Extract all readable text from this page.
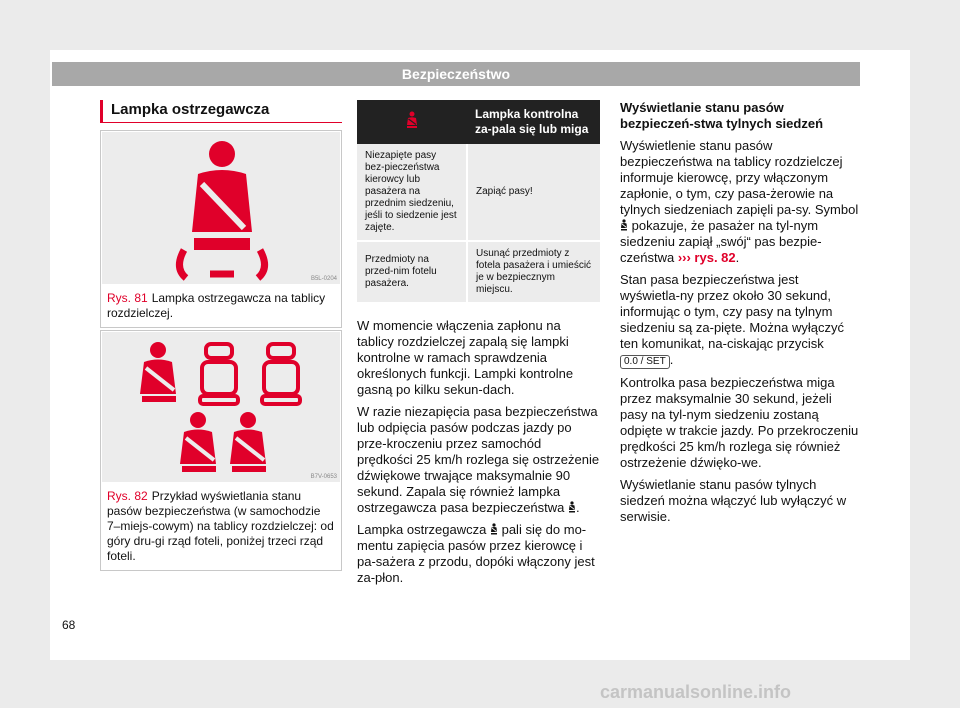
Bezpieczeństwo
Lampka ostrzegawcza
B5L-0204
Rys. 81 Lampka ostrzegawcza na tablicy rozdzielczej.
B7V-0653
Rys. 82 Przykład wyświetlania stanu pasów bezpieczeństwa (w samochodzie 7–miejs-cowym) na tablicy rozdzielczej: od góry dru-gi rząd foteli, poniżej trzeci rząd foteli.
	Lampka kontrolna za-pala się lub miga
Niezapięte pasy bez-pieczeństwa kierowcy lub pasażera na przednim siedzeniu, jeśli to siedzenie jest zajęte.	Zapiąć pasy!
Przedmioty na przed-nim fotelu pasażera.	Usunąć przedmioty z fotela pasażera i umieścić je w bezpiecznym miejscu.

W momencie włączenia zapłonu na tablicy rozdzielczej zapalą się lampki kontrolne w ramach sprawdzenia określonych funkcji. Lampki kontrolne gasną po kilku sekun-dach.

W razie niezapięcia pasa bezpieczeństwa lub odpięcia pasów podczas jazdy po prze-kroczeniu przez samochód prędkości 25 km/h rozlega się ostrzeżenie dźwiękowe trwające maksymalnie 90 sekund. Zapala się również lampka ostrzegawcza pasa bezpieczeństwa .

Lampka ostrzegawcza pali się do mo-mentu zapięcia pasów przez kierowcę i pa-sażera z przodu, dopóki włączony jest za-płon.

Wyświetlanie stanu pasów bezpieczeń-stwa tylnych siedzeń

Wyświetlenie stanu pasów bezpieczeństwa na tablicy rozdzielczej informuje kierowcę, przy włączonym zapłonie, o tym, czy pasa-żerowie na tylnych siedzeniach zapięli pa-sy. Symbol  pokazuje, że pasażer na tyl-nym siedzeniu zapiął „swój“ pas bezpie-czeństwa ››› rys. 82.

Stan pasa bezpieczeństwa jest wyświetla-ny przez około 30 sekund, informując o tym, czy pasy na tylnym siedzeniu są za-pięte. Można wyłączyć ten komunikat, na-ciskając przycisk 0.0 / SET .

Kontrolka pasa bezpieczeństwa miga przez maksymalnie 30 sekund, jeżeli pasy na tyl-nym siedzeniu zostaną odpięte w trakcie jazdy. Po przekroczeniu prędkości 25 km/h rozlega się również ostrzeżenie dźwięko-we.

Wyświetlanie stanu pasów tylnych siedzeń można włączyć lub wyłączyć w serwisie.

68
carmanualsonline.info
